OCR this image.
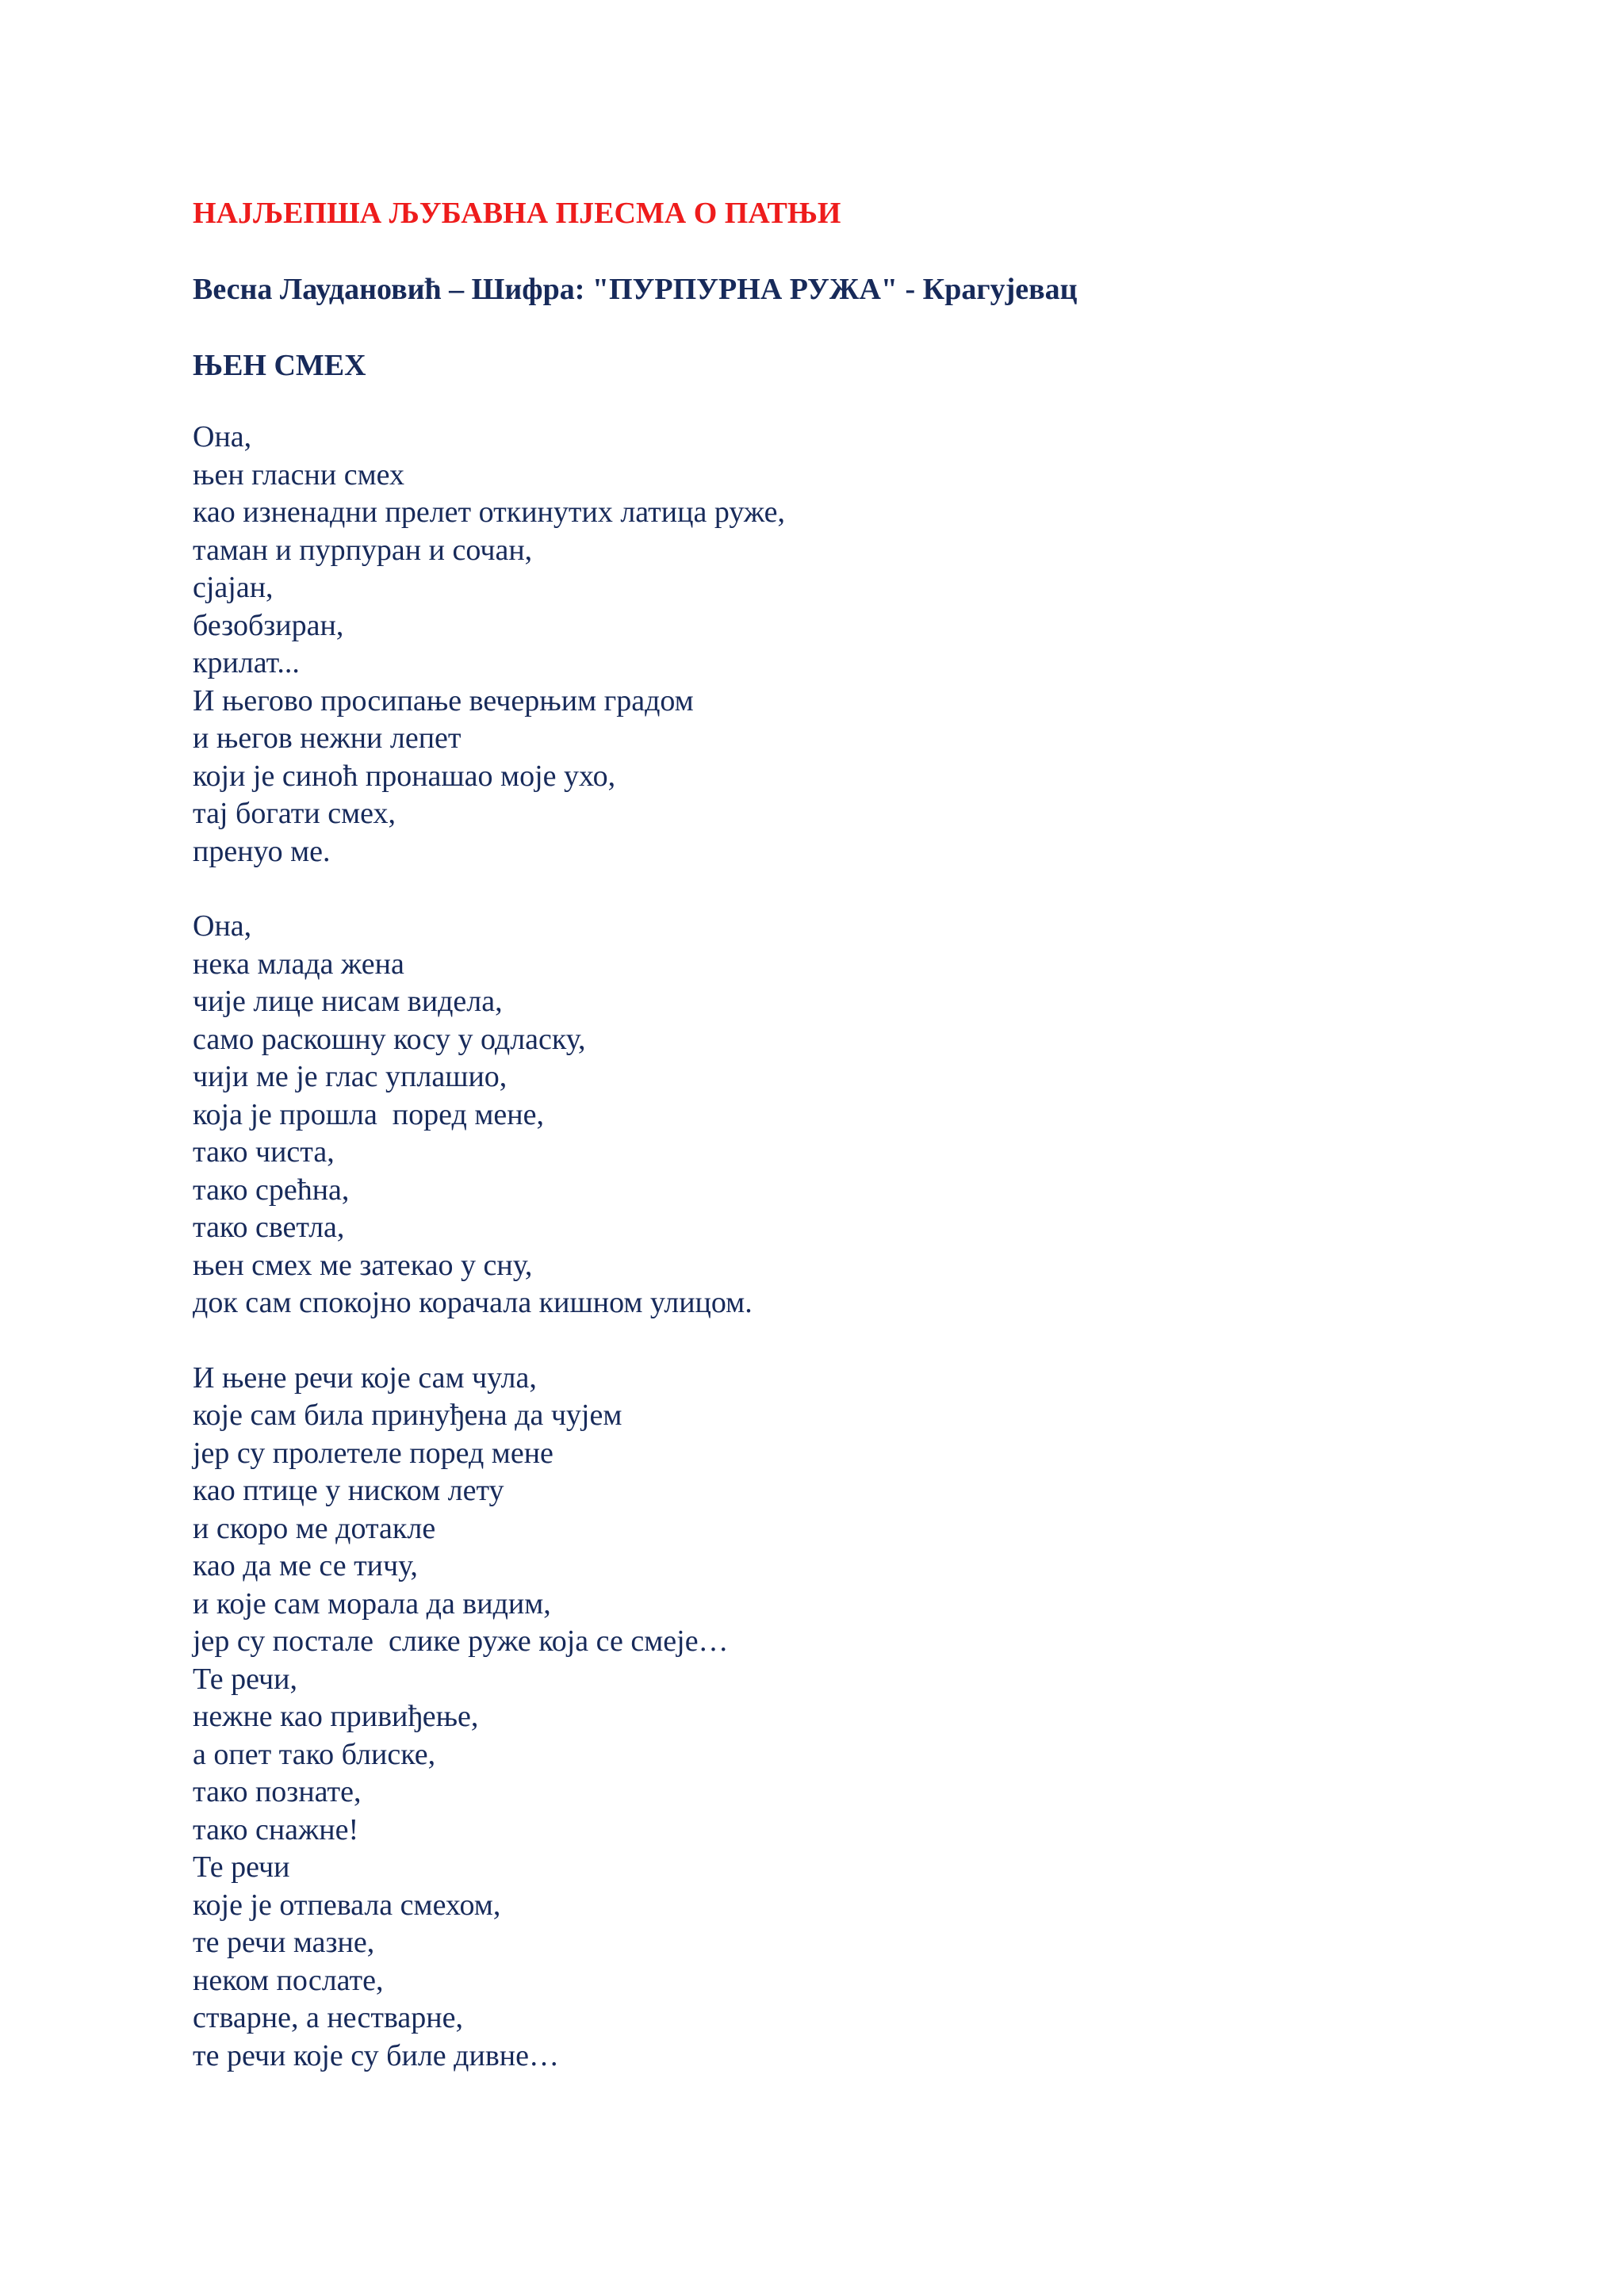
НАЈЉЕПША ЉУБАВНА ПЈЕСМА О ПАТЊИ
Весна Лаудановић – Шифра: "ПУРПУРНА РУЖА" - Крагујевац
ЊЕН СМЕХ
Она,
њен гласни смех
као изненадни прелет откинутих латица руже,
таман и пурпуран и сочан,
сјајан,
безобзиран,
крилат...
И његово просипање вечерњим градом
и његов нежни лепет
који је синоћ пронашао моје ухо,
тај богати смех,
пренуо ме.
Она,
нека млада жена
чије лице нисам видела,
само раскошну косу у одласку,
чији ме је глас уплашио,
која је прошла  поред мене,
тако чиста,
тако срећна,
тако светла,
њен смех ме затекао у сну,
док сам спокојно корачала кишном улицом.
И њене речи које сам чула,
које сам била принуђена да чујем
јер су пролетеле поред мене
као птице у ниском лету
и скоро ме дотакле
као да ме се тичу,
и које сам морала да видим,
јер су постале  слике руже која се смеје…
Те речи,
нежне као привиђење,
а опет тако блиске,
тако познате,
тако снажне!
Те речи
које је отпевала смехом,
те речи мазне,
неком послате,
стварне, а нестварне,
те речи које су биле дивне…
